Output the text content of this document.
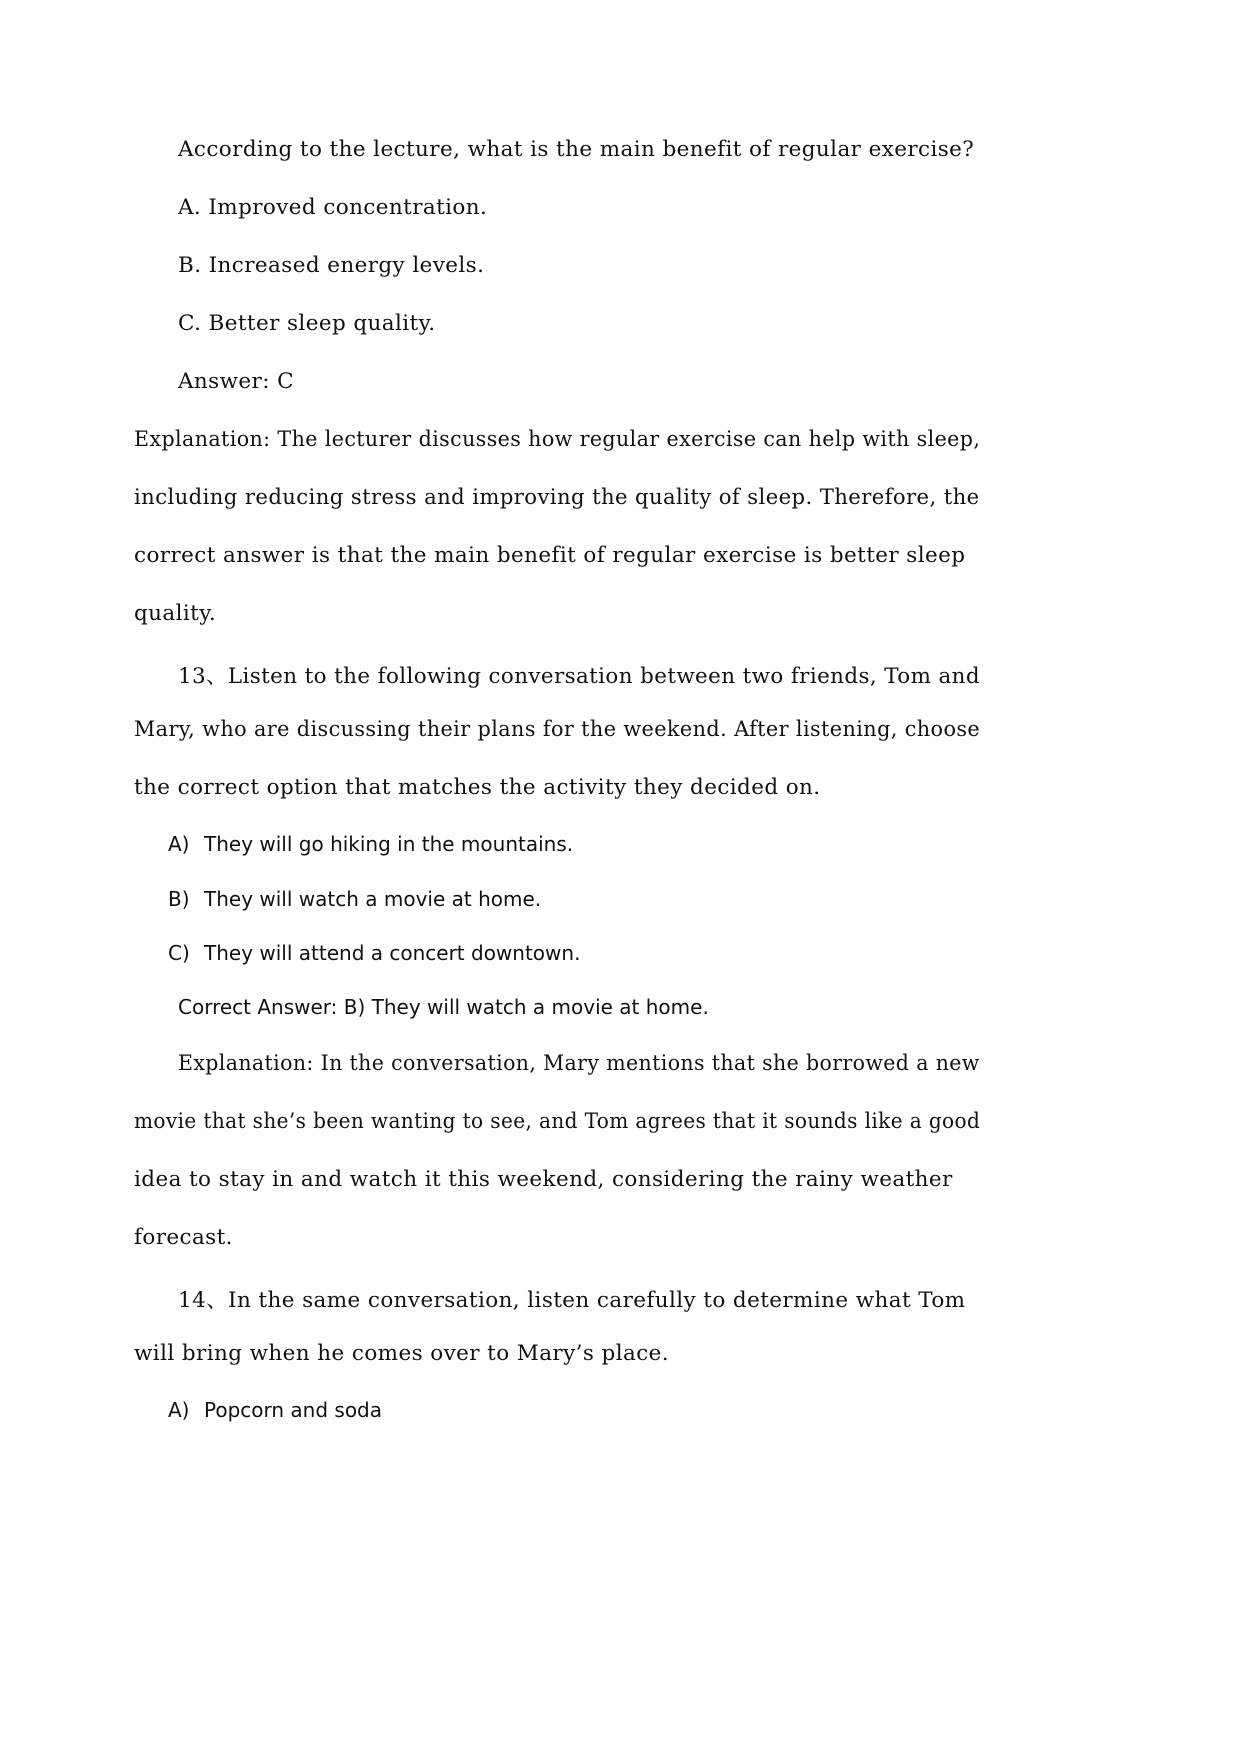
According to the lecture, what is the main benefit of regular exercise?

A. Improved concentration.

B. Increased energy levels.

C. Better sleep quality.

Answer: C

Explanation: The lecturer discusses how regular exercise can help with sleep,

including reducing stress and improving the quality of sleep. Therefore, the

correct answer is that the main benefit of regular exercise is better sleep

quality.

13、Listen to the following conversation between two friends, Tom and

Mary, who are discussing their plans for the weekend. After listening, choose

the correct option that matches the activity they decided on.

A) They will go hiking in the mountains.

B) They will watch a movie at home.

C) They will attend a concert downtown.

Correct Answer: B) They will watch a movie at home.

Explanation: In the conversation, Mary mentions that she borrowed a new

movie that she’s been wanting to see, and Tom agrees that it sounds like a good

idea to stay in and watch it this weekend, considering the rainy weather

forecast.

14、In the same conversation, listen carefully to determine what Tom

will bring when he comes over to Mary’s place.

A) Popcorn and soda
